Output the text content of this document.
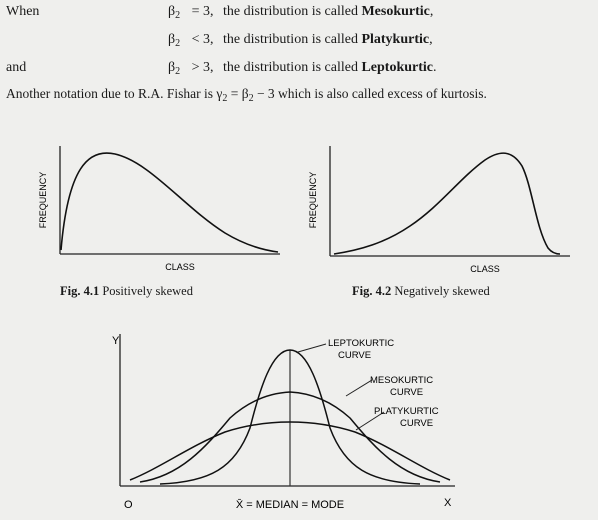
When	$\beta_2 = 3$, the distribution is called Mesokurtic,
$\beta_2 < 3$, the distribution is called Platykurtic,
and	$\beta_2 > 3$, the distribution is called Leptokurtic.
Another notation due to R.A. Fishar is $\gamma_2 = \beta_2 - 3$ which is also called excess of kurtosis.
FREQUENCY
CLASS
Fig. 4.1 Positively skewed
FREQUENCY
CLASS
Fig. 4.2 Negatively skewed
Y
X
O	X̄ = MEDIAN = MODE
LEPTOKURTIC
CURVE
MESOKURTIC
CURVE
PLATYKURTIC
CURVE
